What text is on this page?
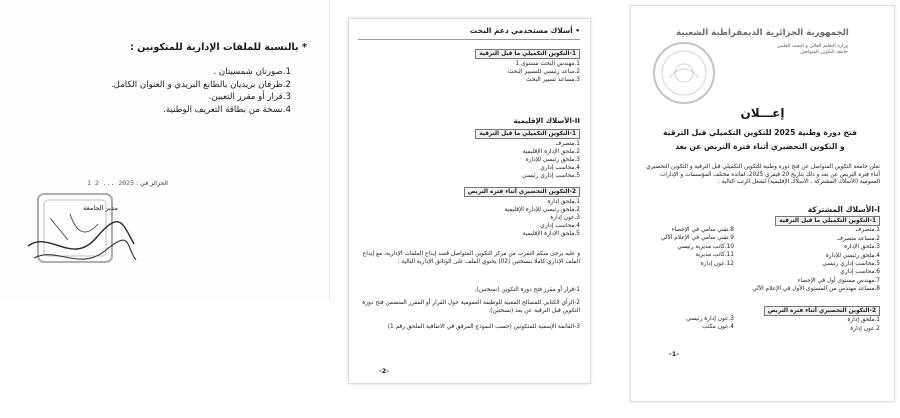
* بالنسبة للملفات الإدارية للمتكونين :
1.صورتان شمسيتان .
2.ظرفان بريديان بالطابع البريدي و العنوان الكامل.
3.قرار أو مقرر التعيين.
4.نسخة من بطاقة التعريف الوطنية.
الجزائر في : 2025 ... 2 1
مدير الجامعة
• أسلاك مستخدمي دعم البحث
1-التكوين التكميلي ما قبل الترقية
1.مهندس البحث مستوى 1
2.ساعد رئيسي للتسيير البحث
3.مساعد تسيير البحث
II-الأسلاك الإقليمية
1-التكوين التكميلي ما قبل الترقية
1.متصرف
2.ملحق الإدارة الإقليمية
3.ملحق رئيسي للإدارة
4.محاسب إداري
5.محاسب إداري رئيسي
2-التكوين التحضيري أثناء فترة التربص
1.ملحق إدارة
2.ملحق رئيسي للإدارة الإقليمية
3.عون إدارة
4.محاسب إداري
5.ملحق الإدارة الإقليمية
و عليه يرجى منكم التقرب من مركز التكوين المتواصل قصد إيداع الملفات الإدارية، مع إيداع الملف الإداري كاملا بنسختين (02) يحتوي الملف على الوثائق الإدارية التالية :
1-قرار أو مقرر فتح دورة التكوين (نسختين).
2-الرأي الكتابي للمصالح المعنية للوظيفة العمومية حول القرار أو المقرر المتضمن فتح دورة التكوين قبل الترقية عن بعد (نسختين).
3-القائمة الإسمية للمتكونين (حسب النموذج المرفق في الاتفاقية الملحق رقم 1)
-2-
الجمهورية الجزائرية الديمقراطية الشعبية
وزارة التعليم العالي و البحث العلمي
جامعة التكوين المتواصل
إعـــلان
فتح دورة وطنية 2025 للتكوين التكميلي قبل الترقية
و التكوين التحضيري أثناء فترة التربص عن بعد
تعلن جامعة التكوين المتواصل عن فتح دورة وطنية للتكوين التكميلي قبل الترقية و التكوين التحضيري أثناء فترة التربص عن بعد و ذلك بتاريخ 20 فيفري 2025، لفائدة مختلف المؤسسات و الإدارات العمومية (الأسلاك المشتركة ، الأسلاك الإقليمية) لشغل الرتب التالية :
I-الأسلاك المشتركة
1-التكوين التكميلي ما قبل الترقية
1.متصرف
2.مساعد متصرف
3.ملحق الإدارة
4.ملحق رئيسي للإدارة
5.محاسب إداري رئيسي
6.محاسب إداري
7.مهندس مستوى أول في الإحصاء
8.مساعد مهندس من المستوى الأول في الإعلام الآلي
8.تقني سامي في الإحصاء
9.تقني سامي في الإعلام الآلي
10.كاتب مديرية رئيسي
11.كاتب مديرية
12.عون إدارة
2-التكوين التحضيري أثناء فترة التربص
1.ملحق إدارة
2.عون إدارة
3.عون إدارة رئيسي
4.عون مكتب
-1-
